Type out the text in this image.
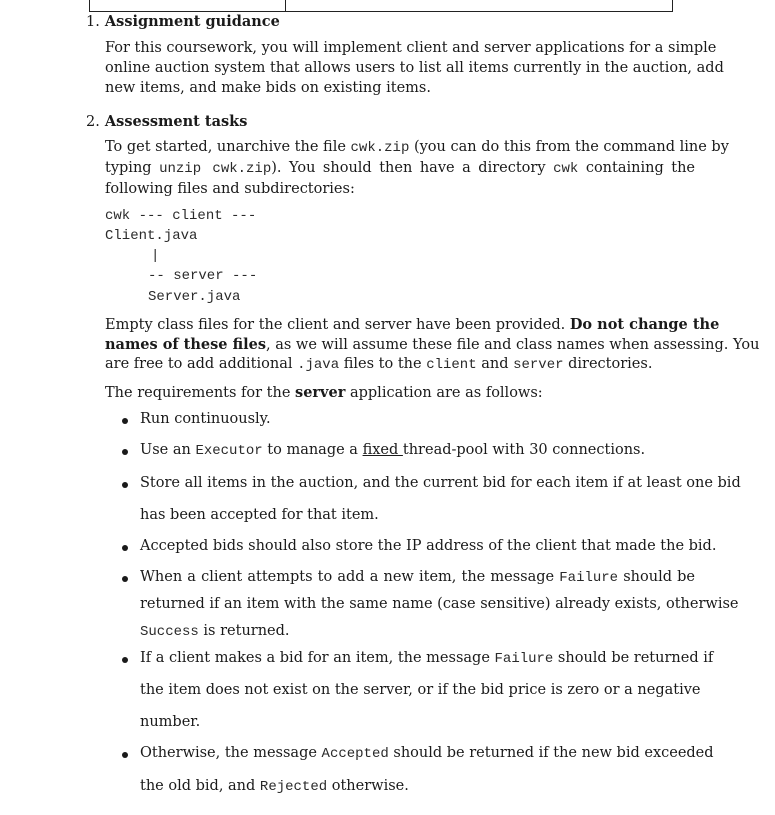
1. Assignment guidance
For this coursework, you will implement client and server applications for a simple
online auction system that allows users to list all items currently in the auction, add
new items, and make bids on existing items.
2. Assessment tasks
To get started, unarchive the file cwk.zip (you can do this from the command line by
typing unzip cwk.zip). You should then have a directory cwk containing the
following files and subdirectories:
cwk --- client ---
Client.java
|
-- server ---
Server.java
Empty class files for the client and server have been provided. Do not change the
names of these files, as we will assume these file and class names when assessing. You
are free to add additional .java files to the client and server directories.
The requirements for the server application are as follows:
Run continuously.
Use an Executor to manage a fixed thread-pool with 30 connections.
Store all items in the auction, and the current bid for each item if at least one bid
has been accepted for that item.
Accepted bids should also store the IP address of the client that made the bid.
When a client attempts to add a new item, the message Failure should be
returned if an item with the same name (case sensitive) already exists, otherwise
Success is returned.
If a client makes a bid for an item, the message Failure should be returned if
the item does not exist on the server, or if the bid price is zero or a negative
number.
Otherwise, the message Accepted should be returned if the new bid exceeded
the old bid, and Rejected otherwise.
